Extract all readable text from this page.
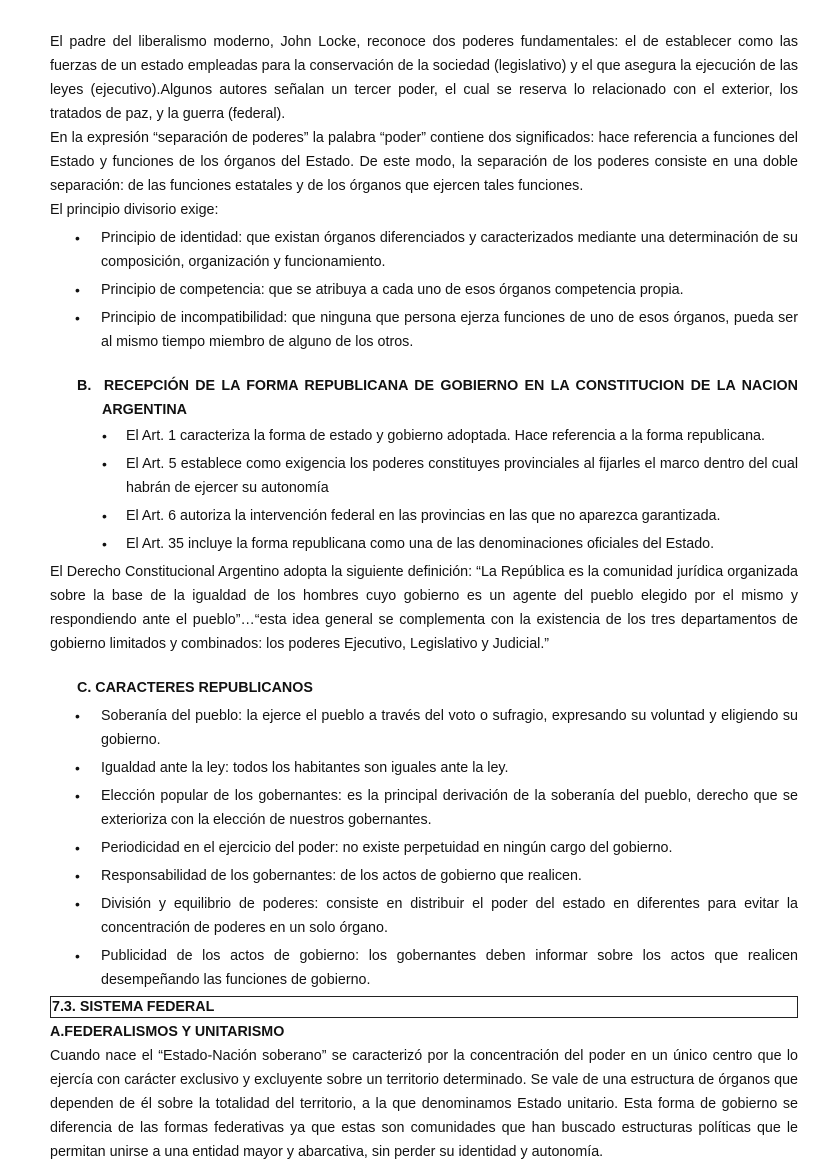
El padre del liberalismo moderno, John Locke, reconoce dos poderes fundamentales: el de establecer como las fuerzas de un estado empleadas para la conservación de la sociedad (legislativo) y el que asegura la ejecución de las leyes (ejecutivo).Algunos autores señalan un tercer poder, el cual se reserva lo relacionado con el exterior, los tratados de paz, y la guerra (federal).

En la expresión “separación de poderes” la palabra “poder” contiene dos significados: hace referencia a funciones del Estado y funciones de los órganos del Estado. De este modo, la separación de los poderes consiste en una doble separación: de las funciones estatales y de los órganos que ejercen tales funciones.

El principio divisorio exige:

• Principio de identidad: que existan órganos diferenciados y caracterizados mediante una determinación de su composición, organización y funcionamiento.
• Principio de competencia: que se atribuya a cada uno de esos órganos competencia propia.
• Principio de incompatibilidad: que ninguna que persona ejerza funciones de uno de esos órganos, pueda ser al mismo tiempo miembro de alguno de los otros.
B.  RECEPCIÓN DE LA FORMA REPUBLICANA DE GOBIERNO EN LA CONSTITUCION DE LA NACION ARGENTINA
• El Art. 1 caracteriza la forma de estado y gobierno adoptada. Hace referencia a la forma republicana.
• El Art. 5 establece como exigencia los poderes constituyes provinciales al fijarles el marco dentro del cual habrán de ejercer su autonomía
• El Art. 6 autoriza la intervención federal en las provincias en las que no aparezca garantizada.
• El Art. 35 incluye la forma republicana como una de las denominaciones oficiales del Estado.

El Derecho Constitucional Argentino adopta la siguiente definición: “La República es la comunidad jurídica organizada sobre la base de la igualdad de los hombres cuyo gobierno es un agente del pueblo elegido por el mismo y respondiendo ante el pueblo”…“esta idea general se complementa con la existencia de los tres departamentos de gobierno limitados y combinados: los poderes Ejecutivo, Legislativo y Judicial.”

C. CARACTERES REPUBLICANOS
• Soberanía del pueblo: la ejerce el pueblo a través del voto o sufragio, expresando su voluntad y eligiendo su gobierno.
• Igualdad ante la ley: todos los habitantes son iguales ante la ley.
• Elección popular de los gobernantes: es la principal derivación de la soberanía del pueblo, derecho que se exterioriza con la elección de nuestros gobernantes.
• Periodicidad en el ejercicio del poder: no existe perpetuidad en ningún cargo del gobierno.
• Responsabilidad de los gobernantes: de los actos de gobierno que realicen.
• División y equilibrio de poderes: consiste en distribuir el poder del estado en diferentes para evitar la concentración de poderes en un solo órgano.
• Publicidad de los actos de gobierno: los gobernantes deben informar sobre los actos que realicen desempeñando las funciones de gobierno.
7.3. SISTEMA FEDERAL
A.FEDERALISMOS Y UNITARISMO

Cuando nace el “Estado-Nación soberano” se caracterizó por la concentración del poder en un único centro que lo ejercía con carácter exclusivo y excluyente sobre un territorio determinado. Se vale de una estructura de órganos que dependen de él sobre la totalidad del territorio, a la que denominamos Estado unitario. Esta forma de gobierno se diferencia de las formas federativas ya que estas son comunidades que han buscado estructuras políticas que le permitan unirse a una entidad mayor y abarcativa, sin perder su identidad y autonomía.
